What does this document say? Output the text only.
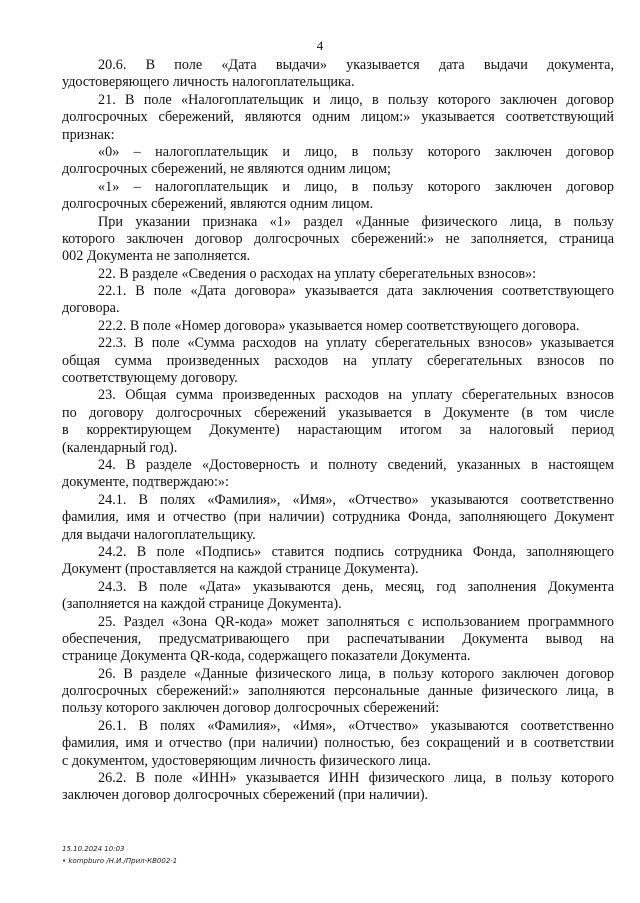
4
20.6. В поле «Дата выдачи» указывается дата выдачи документа,
удостоверяющего личность налогоплательщика.
21. В поле «Налогоплательщик и лицо, в пользу которого заключен договор
долгосрочных сбережений, являются одним лицом:» указывается соответствующий
признак:
«0» – налогоплательщик и лицо, в пользу которого заключен договор
долгосрочных сбережений, не являются одним лицом;
«1» – налогоплательщик и лицо, в пользу которого заключен договор
долгосрочных сбережений, являются одним лицом.
При указании признака «1» раздел «Данные физического лица, в пользу
которого заключен договор долгосрочных сбережений:» не заполняется, страница
002 Документа не заполняется.
22. В разделе «Сведения о расходах на уплату сберегательных взносов»:
22.1. В поле «Дата договора» указывается дата заключения соответствующего
договора.
22.2. В поле «Номер договора» указывается номер соответствующего договора.
22.3. В поле «Сумма расходов на уплату сберегательных взносов» указывается
общая сумма произведенных расходов на уплату сберегательных взносов по
соответствующему договору.
23. Общая сумма произведенных расходов на уплату сберегательных взносов
по договору долгосрочных сбережений указывается в Документе (в том числе
в корректирующем Документе) нарастающим итогом за налоговый период
(календарный год).
24. В разделе «Достоверность и полноту сведений, указанных в настоящем
документе, подтверждаю:»:
24.1. В полях «Фамилия», «Имя», «Отчество» указываются соответственно
фамилия, имя и отчество (при наличии) сотрудника Фонда, заполняющего Документ
для выдачи налогоплательщику.
24.2. В поле «Подпись» ставится подпись сотрудника Фонда, заполняющего
Документ (проставляется на каждой странице Документа).
24.3. В поле «Дата» указываются день, месяц, год заполнения Документа
(заполняется на каждой странице Документа).
25. Раздел «Зона QR-кода» может заполняться с использованием программного
обеспечения, предусматривающего при распечатывании Документа вывод на
странице Документа QR-кода, содержащего показатели Документа.
26. В разделе «Данные физического лица, в пользу которого заключен договор
долгосрочных сбережений:» заполняются персональные данные физического лица, в
пользу которого заключен договор долгосрочных сбережений:
26.1. В полях «Фамилия», «Имя», «Отчество» указываются соответственно
фамилия, имя и отчество (при наличии) полностью, без сокращений и в соответствии
с документом, удостоверяющим личность физического лица.
26.2. В поле «ИНН» указывается ИНН физического лица, в пользу которого
заключен договор долгосрочных сбережений (при наличии).
15.10.2024 10:03
• kompburo /Н.И./Прил-КВ002-1
